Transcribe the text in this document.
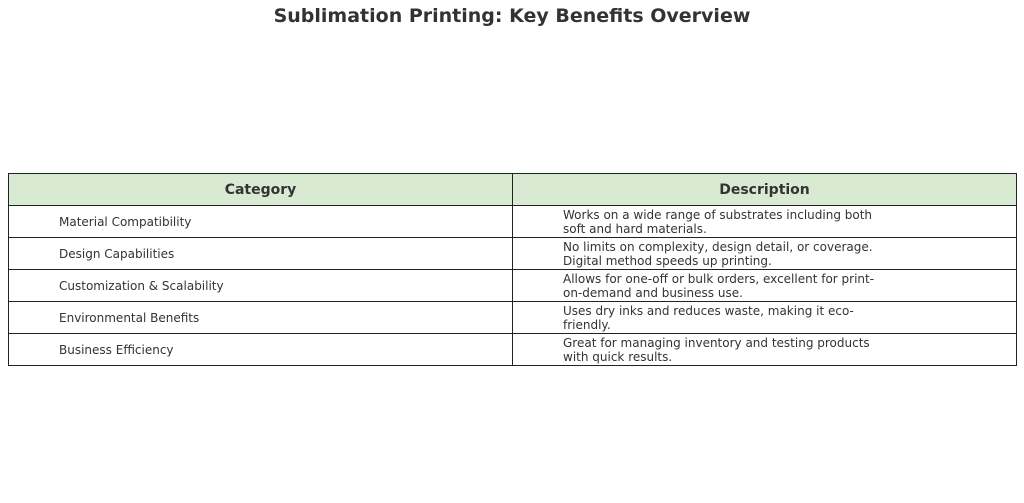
Sublimation Printing: Key Benefits Overview
Category	Description

Material Compatibility	Works on a wide range of substrates including both soft and hard materials.

Design Capabilities	No limits on complexity, design detail, or coverage. Digital method speeds up printing.

Customization & Scalability	Allows for one-off or bulk orders, excellent for print-on-demand and business use.

Environmental Benefits	Uses dry inks and reduces waste, making it eco-friendly.

Business Efficiency	Great for managing inventory and testing products with quick results.
